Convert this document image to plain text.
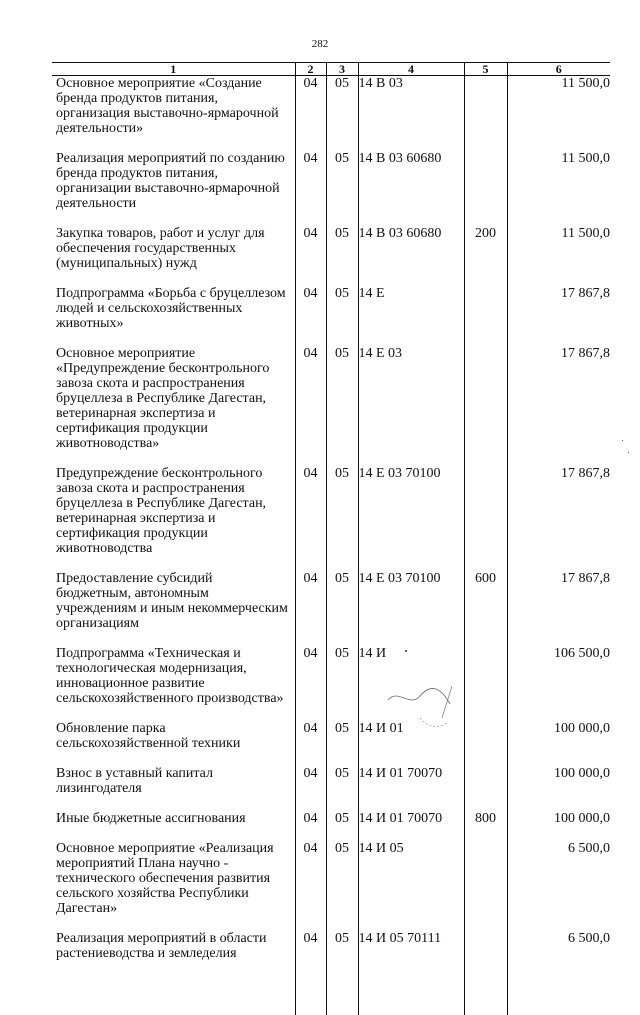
282
1	2	3	4	5	6
Основное мероприятие «Создание бренда продуктов питания, организация выставочно-ярмарочной деятельности»	04	05	14 В 03		11 500,0
Реализация мероприятий по созданию бренда продуктов питания, организации выставочно-ярмарочной деятельности	04	05	14 В 03 60680		11 500,0
Закупка товаров, работ и услуг для обеспечения государственных (муниципальных) нужд	04	05	14 В 03 60680	200	11 500,0
Подпрограмма «Борьба с бруцеллезом людей и сельскохозяйственных животных»	04	05	14 Е		17 867,8
Основное мероприятие «Предупреждение бесконтрольного завоза скота и распространения бруцеллеза в Республике Дагестан, ветеринарная экспертиза и сертификация продукции животноводства»	04	05	14 Е 03		17 867,8
Предупреждение бесконтрольного завоза скота и распространения бруцеллеза в Республике Дагестан, ветеринарная экспертиза и сертификация продукции животноводства	04	05	14 Е 03 70100		17 867,8
Предоставление субсидий бюджетным, автономным учреждениям и иным некоммерческим организациям	04	05	14 Е 03 70100	600	17 867,8
Подпрограмма «Техническая и технологическая модернизация, инновационное развитие сельскохозяйственного производства»	04	05	14 И		106 500,0
Обновление парка сельскохозяйственной техники	04	05	14 И 01		100 000,0
Взнос в уставный капитал лизингодателя	04	05	14 И 01 70070		100 000,0
Иные бюджетные ассигнования	04	05	14 И 01 70070	800	100 000,0
Основное мероприятие «Реализация мероприятий Плана научно - технического обеспечения развития сельского хозяйства Республики Дагестан»	04	05	14 И 05		6 500,0
Реализация мероприятий в области растениеводства и земледелия	04	05	14 И 05 70111		6 500,0
